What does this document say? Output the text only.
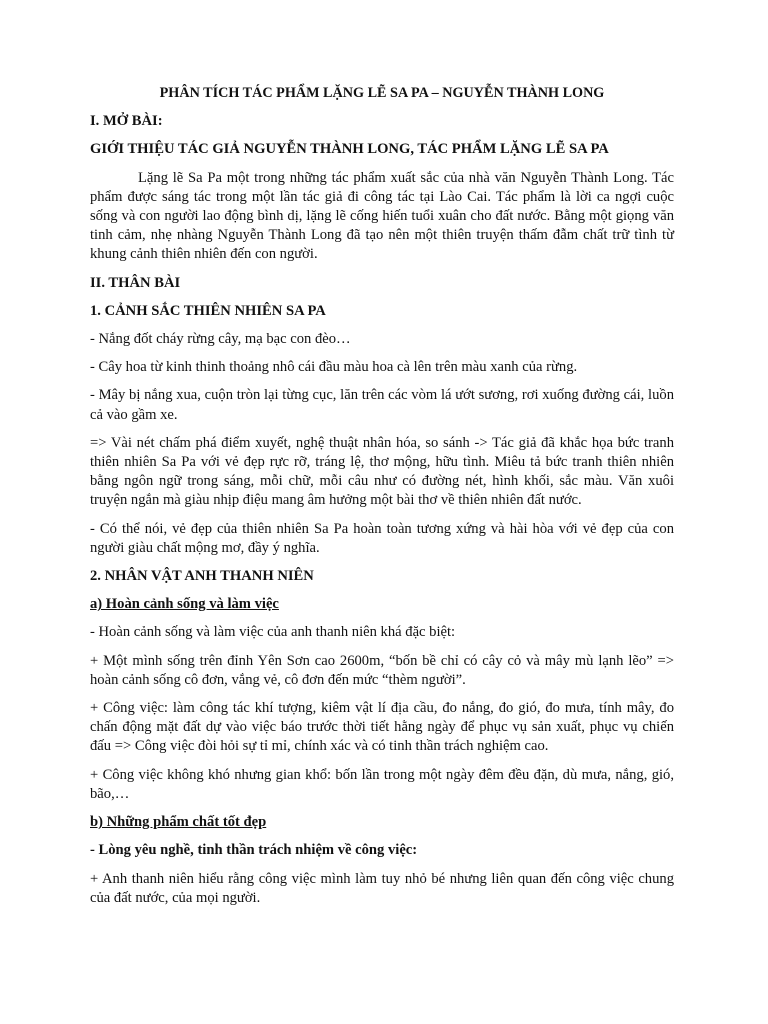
PHÂN TÍCH TÁC PHẨM LẶNG LẼ SA PA – NGUYỄN THÀNH LONG
I. MỞ BÀI:
GIỚI THIỆU TÁC GIẢ NGUYỄN THÀNH LONG, TÁC PHẨM LẶNG LẼ SA PA

Lặng lẽ Sa Pa một trong những tác phẩm xuất sắc của nhà văn Nguyễn Thành Long. Tác phẩm được sáng tác trong một lần tác giả đi công tác tại Lào Cai. Tác phẩm là lời ca ngợi cuộc sống và con người lao động bình dị, lặng lẽ cống hiến tuổi xuân cho đất nước. Bằng một giọng văn tinh cảm, nhẹ nhàng Nguyễn Thành Long đã tạo nên một thiên truyện thấm đẫm chất trữ tình từ khung cảnh thiên nhiên đến con người.

II. THÂN BÀI
1. CẢNH SẮC THIÊN NHIÊN SA PA

- Nắng đốt cháy rừng cây, mạ bạc con đèo…

- Cây hoa từ kinh thinh thoảng nhô cái đầu màu hoa cà lên trên màu xanh của rừng.

- Mây bị nắng xua, cuộn tròn lại từng cục, lăn trên các vòm lá ướt sương, rơi xuống đường cái, luồn cả vào gầm xe.

=> Vài nét chấm phá điểm xuyết, nghệ thuật nhân hóa, so sánh -> Tác giả đã khắc họa bức tranh thiên nhiên Sa Pa với vẻ đẹp rực rỡ, tráng lệ, thơ mộng, hữu tình. Miêu tả bức tranh thiên nhiên bằng ngôn ngữ trong sáng, mỗi chữ, mỗi câu như có đường nét, hình khối, sắc màu. Văn xuôi truyện ngắn mà giàu nhịp điệu mang âm hưởng một bài thơ về thiên nhiên đất nước.

- Có thể nói, vẻ đẹp của thiên nhiên Sa Pa hoàn toàn tương xứng và hài hòa với vẻ đẹp của con người giàu chất mộng mơ, đầy ý nghĩa.

2. NHÂN VẬT ANH THANH NIÊN
a) Hoàn cảnh sống và làm việc

- Hoàn cảnh sống và làm việc của anh thanh niên khá đặc biệt:

+ Một mình sống trên đỉnh Yên Sơn cao 2600m, “bốn bề chỉ có cây cỏ và mây mù lạnh lẽo” => hoàn cảnh sống cô đơn, vắng vẻ, cô đơn đến mức “thèm người”.

+ Công việc: làm công tác khí tượng, kiêm vật lí địa cầu, đo nắng, đo gió, đo mưa, tính mây, đo chấn động mặt đất dự vào việc báo trước thời tiết hằng ngày để phục vụ sản xuất, phục vụ chiến đấu => Công việc đòi hỏi sự tỉ mỉ, chính xác và có tinh thần trách nghiệm cao.

+ Công việc không khó nhưng gian khổ: bốn lần trong một ngày đêm đều đặn, dù mưa, nắng, gió, bão,…

b) Những phẩm chất tốt đẹp

- Lòng yêu nghề, tinh thần trách nhiệm về công việc:

+ Anh thanh niên hiểu rằng công việc mình làm tuy nhỏ bé nhưng liên quan đến công việc chung của đất nước, của mọi người.
